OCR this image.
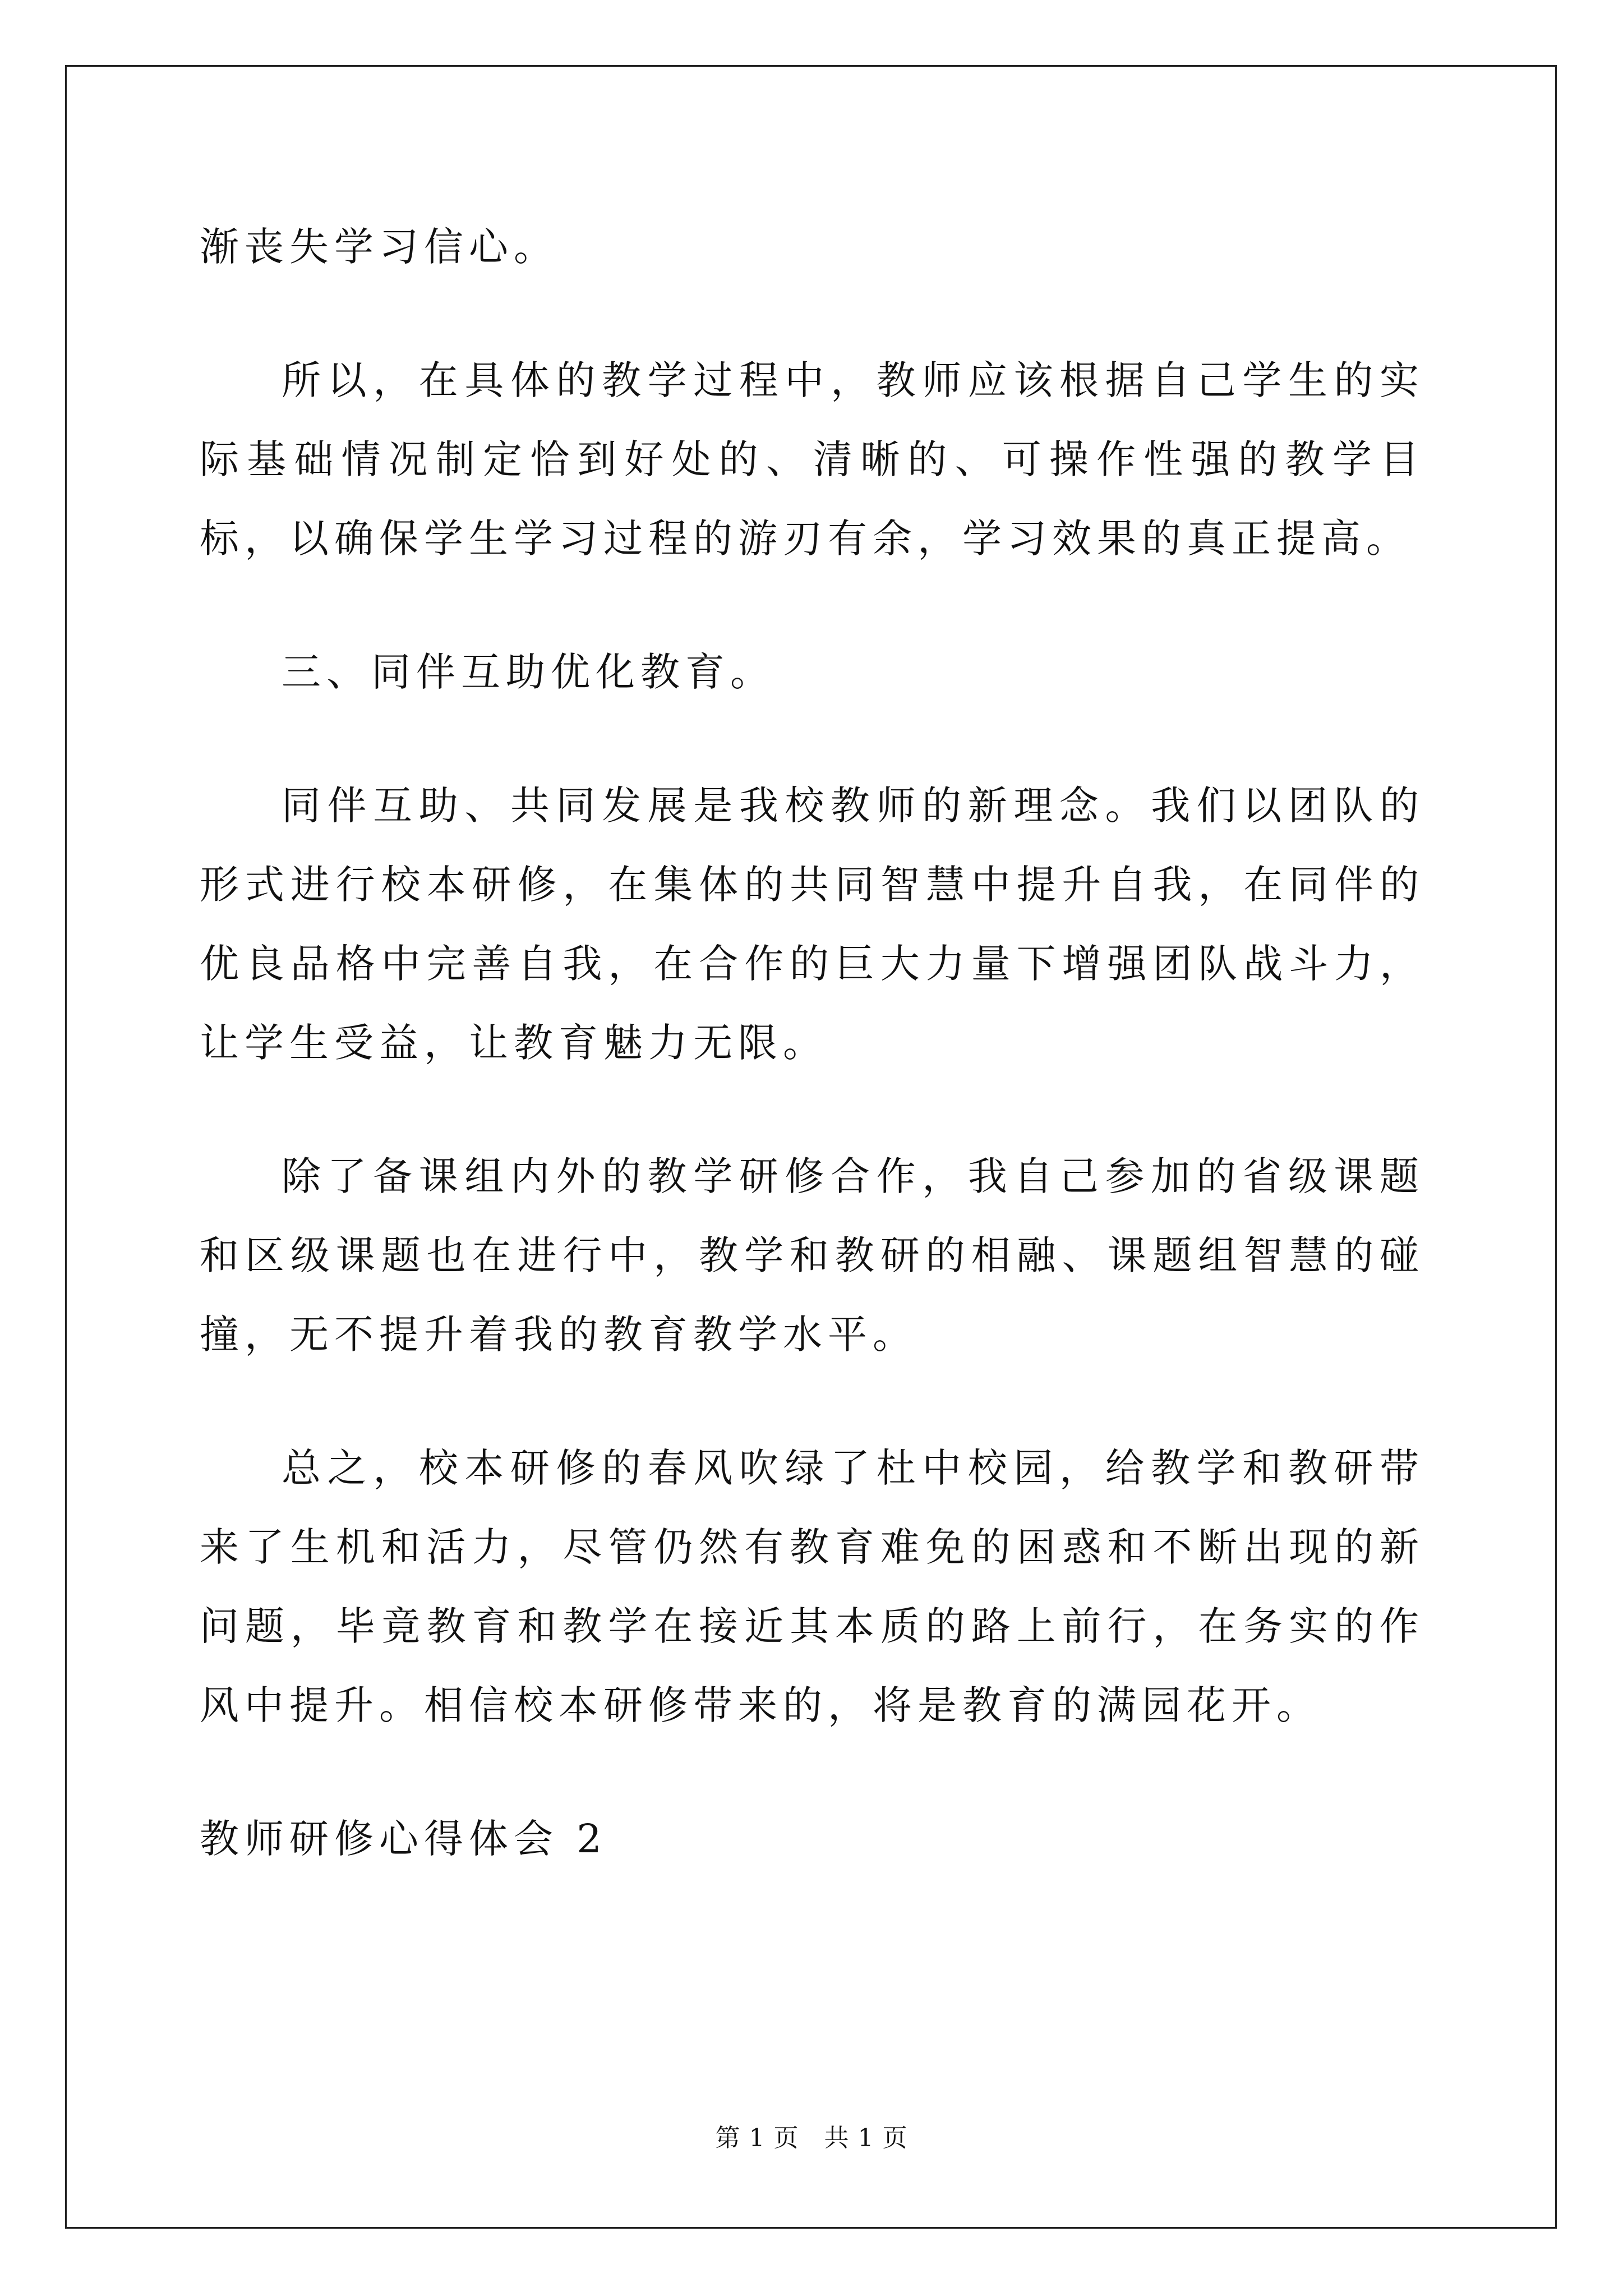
渐丧失学习信心。

所以，在具体的教学过程中，教师应该根据自己学生的实际基础情况制定恰到好处的、清晰的、可操作性强的教学目标，以确保学生学习过程的游刃有余，学习效果的真正提高。

三、同伴互助优化教育。

同伴互助、共同发展是我校教师的新理念。我们以团队的形式进行校本研修，在集体的共同智慧中提升自我，在同伴的优良品格中完善自我，在合作的巨大力量下增强团队战斗力，让学生受益，让教育魅力无限。

除了备课组内外的教学研修合作，我自己参加的省级课题和区级课题也在进行中，教学和教研的相融、课题组智慧的碰撞，无不提升着我的教育教学水平。

总之，校本研修的春风吹绿了杜中校园，给教学和教研带来了生机和活力，尽管仍然有教育难免的困惑和不断出现的新问题，毕竟教育和教学在接近其本质的路上前行，在务实的作风中提升。相信校本研修带来的，将是教育的满园花开。

教师研修心得体会 2

第 1 页　共 1 页
